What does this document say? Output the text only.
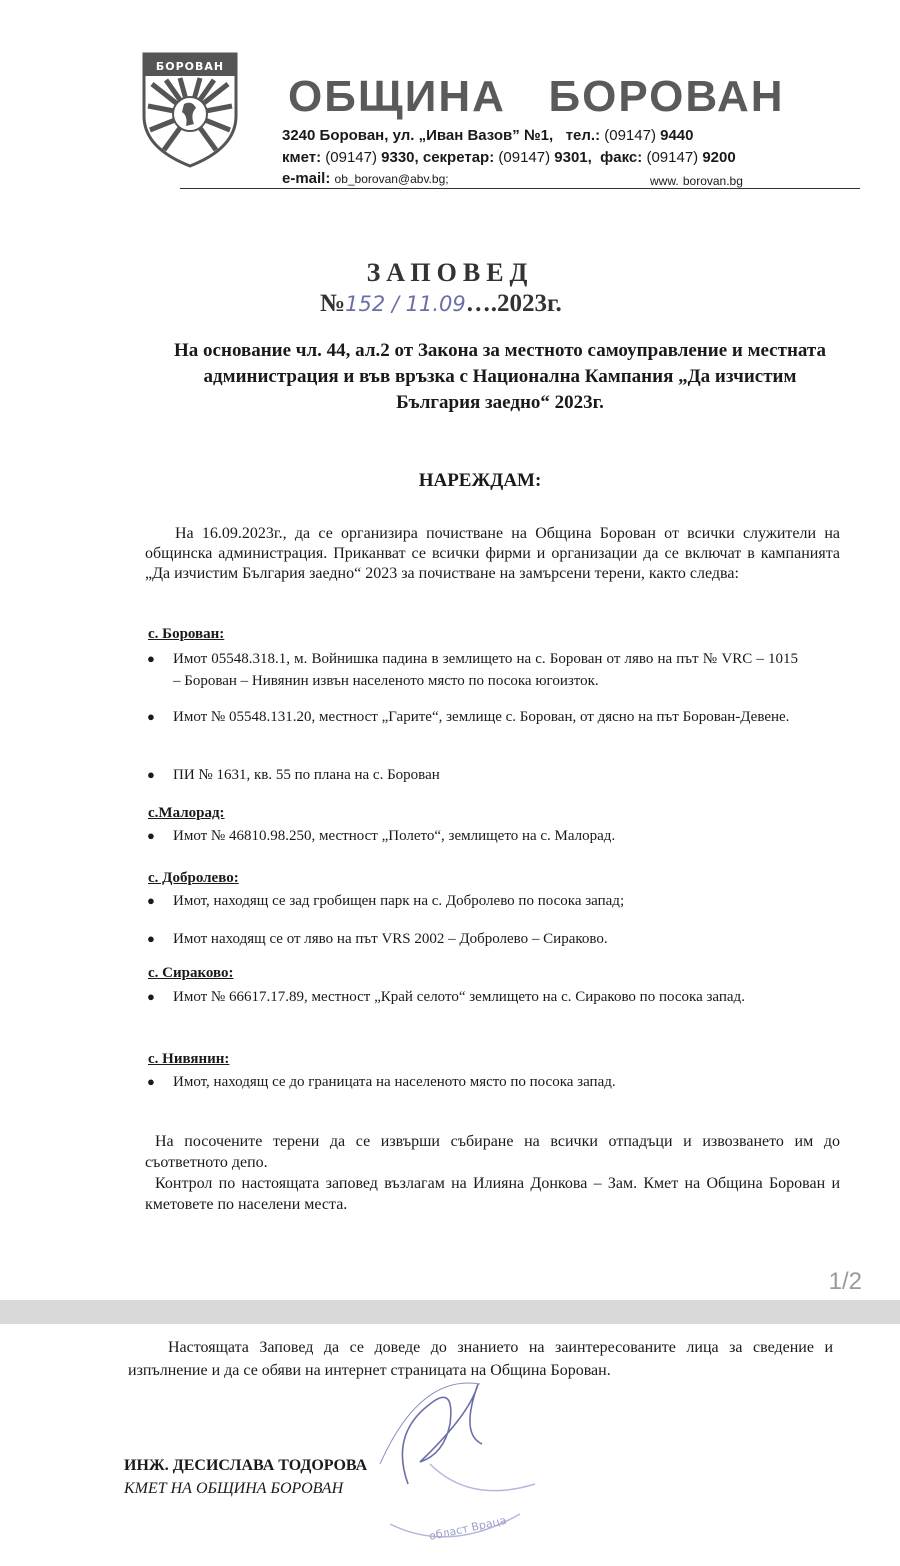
БОРОВАН
ОБЩИНА   БОРОВАН
3240 Борован, ул. „Иван Вазов” №1, тел.: (09147) 9440
кмет: (09147) 9330, секретар: (09147) 9301, факс: (09147) 9200
e-mail: ob_borovan@abv.bg;	www. borovan.bg
ЗАПОВЕД
№152 / 11.09….2023г.
На основание чл. 44, ал.2 от Закона за местното самоуправление и местната администрация и във връзка с Национална Кампания „Да изчистим България заедно“ 2023г.
НАРЕЖДАМ:
На 16.09.2023г., да се организира почистване на Община Борован от всички служители на общинска администрация. Приканват се всички фирми и организации да се включат в кампанията „Да изчистим България заедно“ 2023 за почистване на замърсени терени, както следва:
с. Борован:
●	Имот 05548.318.1, м. Войнишка падина в землището на с. Борован от ляво на път № VRC – 1015 – Борован – Нивянин извън населеното място по посока югоизток.
●	Имот № 05548.131.20, местност „Гарите“, землище с. Борован, от дясно на път Борован-Девене.
●	ПИ № 1631, кв. 55 по плана на с. Борован
с.Малорад:
●	Имот № 46810.98.250, местност „Полето“, землището на с. Малорад.
с. Добролево:
●	Имот, находящ се зад гробищен парк на с. Добролево по посока запад;
●	Имот находящ се от ляво на път VRS 2002 – Добролево – Сираково.
с. Сираково:
●	Имот № 66617.17.89, местност „Край селото“ землището на с. Сираково по посока запад.
с. Нивянин:
●	Имот, находящ се до границата на населеното място по посока запад.
На посочените терени да се извърши събиране на всички отпадъци и извозването им до съответното депо.
Контрол по настоящата заповед възлагам на Илияна Донкова – Зам. Кмет на Община Борован и кметовете по населени места.
1/2
Настоящата Заповед да се доведе до знанието на заинтересованите лица за сведение и изпълнение и да се обяви на интернет страницата на Община Борован.
област Враца
ИНЖ. ДЕСИСЛАВА ТОДОРОВА
КМЕТ НА ОБЩИНА БОРОВАН
